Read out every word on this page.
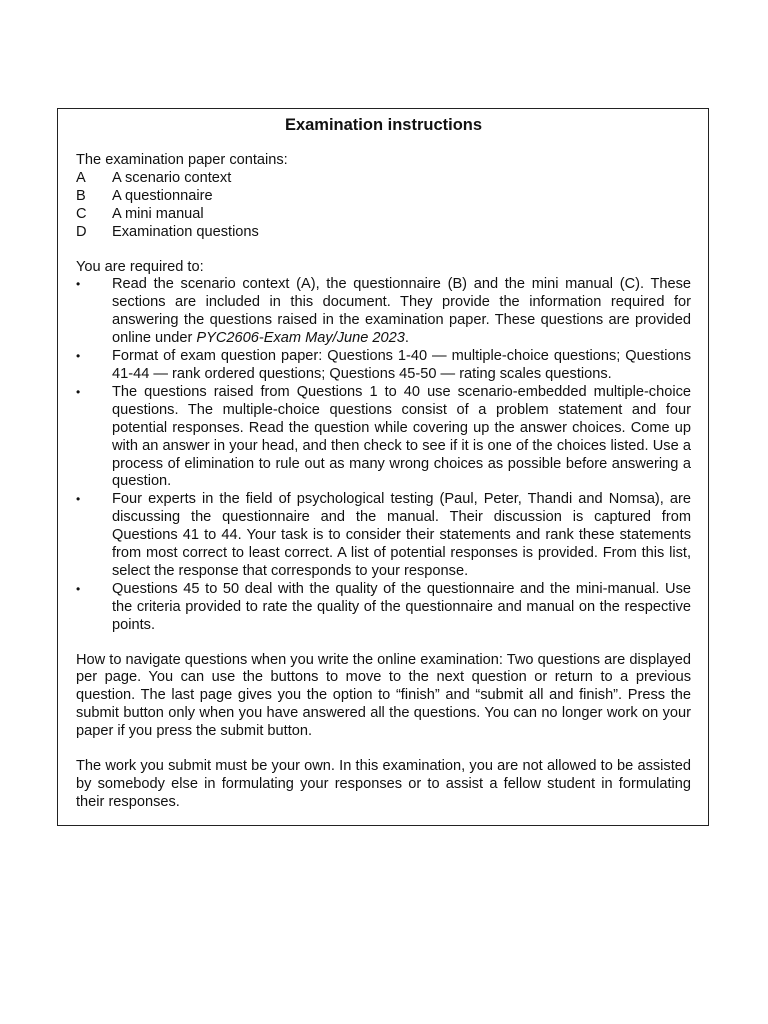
Examination instructions

The examination paper contains:

A	A scenario context
B	A questionnaire
C	A mini manual
D	Examination questions

You are required to:

•	Read the scenario context (A), the questionnaire (B) and the mini manual (C). These sections are included in this document. They provide the information required for answering the questions raised in the examination paper. These questions are provided online under PYC2606-Exam May/June 2023.
•	Format of exam question paper: Questions 1-40 — multiple-choice questions; Questions 41-44 — rank ordered questions; Questions 45-50 — rating scales questions.
•	The questions raised from Questions 1 to 40 use scenario-embedded multiple-choice questions. The multiple-choice questions consist of a problem statement and four potential responses. Read the question while covering up the answer choices. Come up with an answer in your head, and then check to see if it is one of the choices listed. Use a process of elimination to rule out as many wrong choices as possible before answering a question.
•	Four experts in the field of psychological testing (Paul, Peter, Thandi and Nomsa), are discussing the questionnaire and the manual. Their discussion is captured from Questions 41 to 44. Your task is to consider their statements and rank these statements from most correct to least correct. A list of potential responses is provided. From this list, select the response that corresponds to your response.
•	Questions 45 to 50 deal with the quality of the questionnaire and the mini-manual. Use the criteria provided to rate the quality of the questionnaire and manual on the respective points.

How to navigate questions when you write the online examination: Two questions are displayed per page. You can use the buttons to move to the next question or return to a previous question. The last page gives you the option to “finish” and “submit all and finish”. Press the submit button only when you have answered all the questions. You can no longer work on your paper if you press the submit button.

The work you submit must be your own. In this examination, you are not allowed to be assisted by somebody else in formulating your responses or to assist a fellow student in formulating their responses.
